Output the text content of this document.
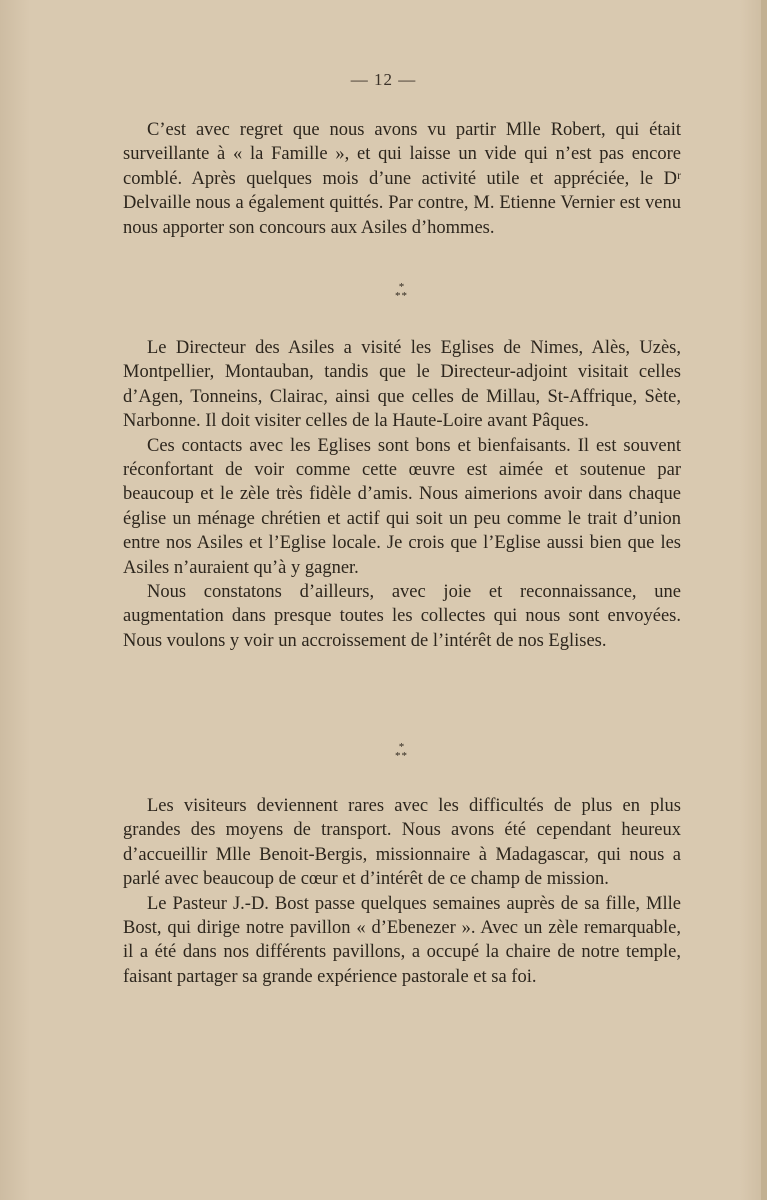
— 12 —

C’est avec regret que nous avons vu partir Mlle Robert, qui était surveillante à « la Famille », et qui laisse un vide qui n’est pas encore comblé. Après quelques mois d’une activité utile et appréciée, le Dʳ Delvaille nous a également quittés. Par contre, M. Etienne Vernier est venu nous apporter son concours aux Asiles d’hommes.

*
**

Le Directeur des Asiles a visité les Eglises de Nimes, Alès, Uzès, Montpellier, Montauban, tandis que le Directeur-adjoint visitait celles d’Agen, Tonneins, Clairac, ainsi que celles de Millau, St-Affrique, Sète, Narbonne. Il doit visiter celles de la Haute-Loire avant Pâques.

Ces contacts avec les Eglises sont bons et bienfaisants. Il est souvent réconfortant de voir comme cette œuvre est aimée et soutenue par beaucoup et le zèle très fidèle d’amis. Nous aimerions avoir dans chaque église un ménage chrétien et actif qui soit un peu comme le trait d’union entre nos Asiles et l’Eglise locale. Je crois que l’Eglise aussi bien que les Asiles n’auraient qu’à y gagner.

Nous constatons d’ailleurs, avec joie et reconnaissance, une augmentation dans presque toutes les collectes qui nous sont envoyées. Nous voulons y voir un accroissement de l’intérêt de nos Eglises.

*
**

Les visiteurs deviennent rares avec les difficultés de plus en plus grandes des moyens de transport. Nous avons été cependant heureux d’accueillir Mlle Benoit-Bergis, missionnaire à Madagascar, qui nous a parlé avec beaucoup de cœur et d’intérêt de ce champ de mission.

Le Pasteur J.-D. Bost passe quelques semaines auprès de sa fille, Mlle Bost, qui dirige notre pavillon « d’Ebenezer ». Avec un zèle remarquable, il a été dans nos différents pavillons, a occupé la chaire de notre temple, faisant partager sa grande expérience pastorale et sa foi.
